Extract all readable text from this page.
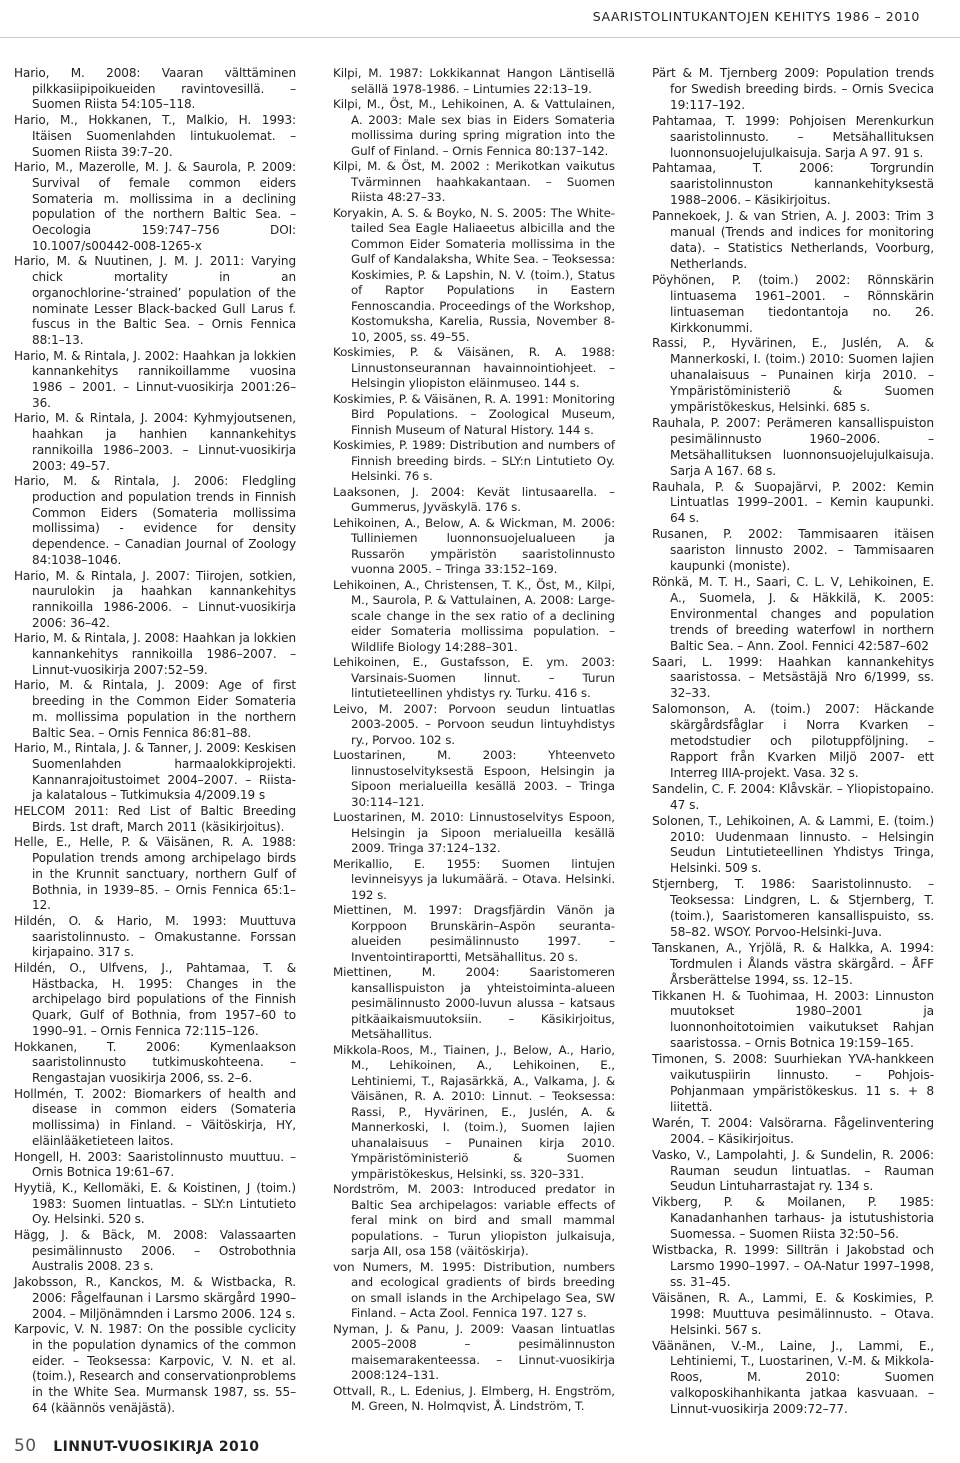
SAARISTOLINTUKANTOJEN KEHITYS 1986 – 2010

Hario, M. 2008: Vaaran välttäminen pilkkasiipipoikueiden ravintovesillä. – Suomen Riista 54:105–118.

Hario, M., Hokkanen, T., Malkio, H. 1993: Itäisen Suomenlahden lintukuolemat. – Suomen Riista 39:7–20.

Hario, M., Mazerolle, M. J. & Saurola, P. 2009: Survival of female common eiders Somateria m. mollissima in a declining population of the northern Baltic Sea. – Oecologia 159:747–756 DOI: 10.1007/s00442-008-1265-x

Hario, M. & Nuutinen, J. M. J. 2011: Varying chick mortality in an organochlorine-‘strained’ population of the nominate Lesser Black-backed Gull Larus f. fuscus in the Baltic Sea. – Ornis Fennica 88:1–13.

Hario, M. & Rintala, J. 2002: Haahkan ja lokkien kannankehitys rannikoillamme vuosina 1986 – 2001. – Linnut-vuosikirja 2001:26–36.

Hario, M. & Rintala, J. 2004: Kyhmyjoutsenen, haahkan ja hanhien kannankehitys rannikoilla 1986–2003. – Linnut-vuosikirja 2003: 49–57.

Hario, M. & Rintala, J. 2006: Fledgling production and population trends in Finnish Common Eiders (Somateria mollissima mollissima) - evidence for density dependence. – Canadian Journal of Zoology 84:1038–1046.

Hario, M. & Rintala, J. 2007: Tiirojen, sotkien, naurulokin ja haahkan kannankehitys rannikoilla 1986-2006. – Linnut-vuosikirja 2006: 36–42.

Hario, M. & Rintala, J. 2008: Haahkan ja lokkien kannankehitys rannikoilla 1986–2007. – Linnut-vuosikirja 2007:52–59.

Hario, M. & Rintala, J. 2009: Age of first breeding in the Common Eider Somateria m. mollissima population in the northern Baltic Sea. – Ornis Fennica 86:81–88.

Hario, M., Rintala, J. & Tanner, J. 2009: Keskisen Suomenlahden harmaalokkiprojekti. Kannanrajoitustoimet 2004–2007. – Riista- ja kalatalous – Tutkimuksia 4/2009.19 s

HELCOM 2011: Red List of Baltic Breeding Birds. 1st draft, March 2011 (käsikirjoitus).

Helle, E., Helle, P. & Väisänen, R. A. 1988: Population trends among archipelago birds in the Krunnit sanctuary, northern Gulf of Bothnia, in 1939–85. – Ornis Fennica 65:1–12.

Hildén, O. & Hario, M. 1993: Muuttuva saaristolinnusto. – Omakustanne. Forssan kirjapaino. 317 s.

Hildén, O., Ulfvens, J., Pahtamaa, T. & Hästbacka, H. 1995: Changes in the archipelago bird populations of the Finnish Quark, Gulf of Bothnia, from 1957–60 to 1990–91. – Ornis Fennica 72:115–126.

Hokkanen, T. 2006: Kymenlaakson saaristolinnusto tutkimuskohteena. – Rengastajan vuosikirja 2006, ss. 2–6.

Hollmén, T. 2002: Biomarkers of health and disease in common eiders (Somateria mollissima) in Finland. – Väitöskirja, HY, eläinlääketieteen laitos.

Hongell, H. 2003: Saaristolinnusto muuttuu. – Ornis Botnica 19:61–67.

Hyytiä, K., Kellomäki, E. & Koistinen, J (toim.) 1983: Suomen lintuatlas. – SLY:n Lintutieto Oy. Helsinki. 520 s.

Hägg, J. & Bäck, M. 2008: Valassaarten pesimälinnusto 2006. – Ostrobothnia Australis 2008. 23 s.

Jakobsson, R., Kanckos, M. & Wistbacka, R. 2006: Fågelfaunan i Larsmo skärgård 1990–2004. – Miljönämnden i Larsmo 2006. 124 s.

Karpovic, V. N. 1987: On the possible cyclicity in the population dynamics of the common eider. – Teoksessa: Karpovic, V. N. et al. (toim.), Research and conservationproblems in the White Sea. Murmansk 1987, ss. 55–64 (käännös venäjästä).

Kilpi, M. 1987: Lokkikannat Hangon Läntisellä selällä 1978-1986. – Lintumies 22:13–19.

Kilpi, M., Öst, M., Lehikoinen, A. & Vattulainen, A. 2003: Male sex bias in Eiders Somateria mollissima during spring migration into the Gulf of Finland. – Ornis Fennica 80:137–142.

Kilpi, M. & Öst, M. 2002 : Merikotkan vaikutus Tvärminnen haahkakantaan. – Suomen Riista 48:27–33.

Koryakin, A. S. & Boyko, N. S. 2005: The White-tailed Sea Eagle Haliaeetus albicilla and the Common Eider Somateria mollissima in the Gulf of Kandalaksha, White Sea. – Teoksessa: Koskimies, P. & Lapshin, N. V. (toim.), Status of Raptor Populations in Eastern Fennoscandia. Proceedings of the Workshop, Kostomuksha, Karelia, Russia, November 8-10, 2005, ss. 49–55.

Koskimies, P. & Väisänen, R. A. 1988: Linnustonseurannan havainnointiohjeet. – Helsingin yliopiston eläinmuseo. 144 s.

Koskimies, P. & Väisänen, R. A. 1991: Monitoring Bird Populations. – Zoological Museum, Finnish Museum of Natural History. 144 s.

Koskimies, P. 1989: Distribution and numbers of Finnish breeding birds. – SLY:n Lintutieto Oy. Helsinki. 76 s.

Laaksonen, J. 2004: Kevät lintusaarella. – Gummerus, Jyväskylä. 176 s.

Lehikoinen, A., Below, A. & Wickman, M. 2006: Tulliniemen luonnonsuojelualueen ja Russarön ympäristön saaristolinnusto vuonna 2005. – Tringa 33:152–169.

Lehikoinen, A., Christensen, T. K., Öst, M., Kilpi, M., Saurola, P. & Vattulainen, A. 2008: Large-scale change in the sex ratio of a declining eider Somateria mollissima population. – Wildlife Biology 14:288–301.

Lehikoinen, E., Gustafsson, E. ym. 2003: Varsinais-Suomen linnut. – Turun lintutieteellinen yhdistys ry. Turku. 416 s.

Leivo, M. 2007: Porvoon seudun lintuatlas 2003-2005. – Porvoon seudun lintuyhdistys ry., Porvoo. 102 s.

Luostarinen, M. 2003: Yhteenveto linnustoselvityksestä Espoon, Helsingin ja Sipoon merialueilla kesällä 2003. – Tringa 30:114–121.

Luostarinen, M. 2010: Linnustoselvitys Espoon, Helsingin ja Sipoon merialueilla kesällä 2009. Tringa 37:124–132.

Merikallio, E. 1955: Suomen lintujen levinneisyys ja lukumäärä. – Otava. Helsinki. 192 s.

Miettinen, M. 1997: Dragsfjärdin Vänön ja Korppoon Brunskärin–Aspön seuranta-alueiden pesimälinnusto 1997. – Inventointiraportti, Metsähallitus. 20 s.

Miettinen, M. 2004: Saaristomeren kansallispuiston ja yhteistoiminta-alueen pesimälinnusto 2000-luvun alussa – katsaus pitkäaikaismuutoksiin. – Käsikirjoitus, Metsähallitus.

Mikkola-Roos, M., Tiainen, J., Below, A., Hario, M., Lehikoinen, A., Lehikoinen, E., Lehtiniemi, T., Rajasärkkä, A., Valkama, J. & Väisänen, R. A. 2010: Linnut. – Teoksessa: Rassi, P., Hyvärinen, E., Juslén, A. & Mannerkoski, I. (toim.), Suomen lajien uhanalaisuus – Punainen kirja 2010. Ympäristöministeriö & Suomen ympäristökeskus, Helsinki, ss. 320–331.

Nordström, M. 2003: Introduced predator in Baltic Sea archipelagos: variable effects of feral mink on bird and small mammal populations. – Turun yliopiston julkaisuja, sarja AII, osa 158 (väitöskirja).

von Numers, M. 1995: Distribution, numbers and ecological gradients of birds breeding on small islands in the Archipelago Sea, SW Finland. – Acta Zool. Fennica 197. 127 s.

Nyman, J. & Panu, J. 2009: Vaasan lintuatlas 2005–2008 – pesimälinnuston maisemarakenteessa. – Linnut-vuosikirja 2008:124–131.

Ottvall, R., L. Edenius, J. Elmberg, H. Engström, M. Green, N. Holmqvist, Å. Lindström, T.

Pärt & M. Tjernberg 2009: Population trends for Swedish breeding birds. – Ornis Svecica 19:117–192.

Pahtamaa, T. 1999: Pohjoisen Merenkurkun saaristolinnusto. – Metsähallituksen luonnonsuojelujulkaisuja. Sarja A 97. 91 s.

Pahtamaa, T. 2006: Torgrundin saaristolinnuston kannankehityksestä 1988–2006. – Käsikirjoitus.

Pannekoek, J. & van Strien, A. J. 2003: Trim 3 manual (Trends and indices for monitoring data). – Statistics Netherlands, Voorburg, Netherlands.

Pöyhönen, P. (toim.) 2002: Rönnskärin lintuasema 1961–2001. – Rönnskärin lintuaseman tiedontantoja no. 26. Kirkkonummi.

Rassi, P., Hyvärinen, E., Juslén, A. & Mannerkoski, I. (toim.) 2010: Suomen lajien uhanalaisuus – Punainen kirja 2010. – Ympäristöministeriö & Suomen ympäristökeskus, Helsinki. 685 s.

Rauhala, P. 2007: Perämeren kansallispuiston pesimälinnusto 1960–2006. – Metsähallituksen luonnonsuojelujulkaisuja. Sarja A 167. 68 s.

Rauhala, P. & Suopajärvi, P. 2002: Kemin Lintuatlas 1999–2001. – Kemin kaupunki. 64 s.

Rusanen, P. 2002: Tammisaaren itäisen saariston linnusto 2002. – Tammisaaren kaupunki (moniste).

Rönkä, M. T. H., Saari, C. L. V, Lehikoinen, E. A., Suomela, J. & Häkkilä, K. 2005: Environmental changes and population trends of breeding waterfowl in northern Baltic Sea. – Ann. Zool. Fennici 42:587–602

Saari, L. 1999: Haahkan kannankehitys saaristossa. – Metsästäjä Nro 6/1999, ss. 32–33.

Salomonson, A. (toim.) 2007: Häckande skärgårdsfåglar i Norra Kvarken – metodstudier och pilotuppföljning. – Rapport från Kvarken Miljö 2007- ett Interreg IIIA-projekt. Vasa. 32 s.

Sandelin, C. F. 2004: Klåvskär. – Yliopistopaino. 47 s.

Solonen, T., Lehikoinen, A. & Lammi, E. (toim.) 2010: Uudenmaan linnusto. – Helsingin Seudun Lintutieteellinen Yhdistys Tringa, Helsinki. 509 s.

Stjernberg, T. 1986: Saaristolinnusto. – Teoksessa: Lindgren, L. & Stjernberg, T. (toim.), Saaristomeren kansallispuisto, ss. 58–82. WSOY. Porvoo-Helsinki-Juva.

Tanskanen, A., Yrjölä, R. & Halkka, A. 1994: Tordmulen i Ålands västra skärgård. – ÅFF Årsberättelse 1994, ss. 12–15.

Tikkanen H. & Tuohimaa, H. 2003: Linnuston muutokset 1980–2001 ja luonnonhoitotoimien vaikutukset Rahjan saaristossa. – Ornis Botnica 19:159–165.

Timonen, S. 2008: Suurhiekan YVA-hankkeen vaikutuspiirin linnusto. – Pohjois-Pohjanmaan ympäristökeskus. 11 s. + 8 liitettä.

Warén, T. 2004: Valsörarna. Fågelinventering 2004. – Käsikirjoitus.

Vasko, V., Lampolahti, J. & Sundelin, R. 2006: Rauman seudun lintuatlas. – Rauman Seudun Lintuharrastajat ry. 134 s.

Vikberg, P. & Moilanen, P. 1985: Kanadanhanhen tarhaus- ja istutushistoria Suomessa. – Suomen Riista 32:50–56.

Wistbacka, R. 1999: Sillträn i Jakobstad och Larsmo 1990–1997. – OA-Natur 1997–1998, ss. 31–45.

Väisänen, R. A., Lammi, E. & Koskimies, P. 1998: Muuttuva pesimälinnusto. – Otava. Helsinki. 567 s.

Väänänen, V.-M., Laine, J., Lammi, E., Lehtiniemi, T., Luostarinen, V.-M. & Mikkola-Roos, M. 2010: Suomen valkoposkihanhikanta jatkaa kasvuaan. – Linnut-vuosikirja 2009:72–77.

50 LINNUT-VUOSIKIRJA 2010
